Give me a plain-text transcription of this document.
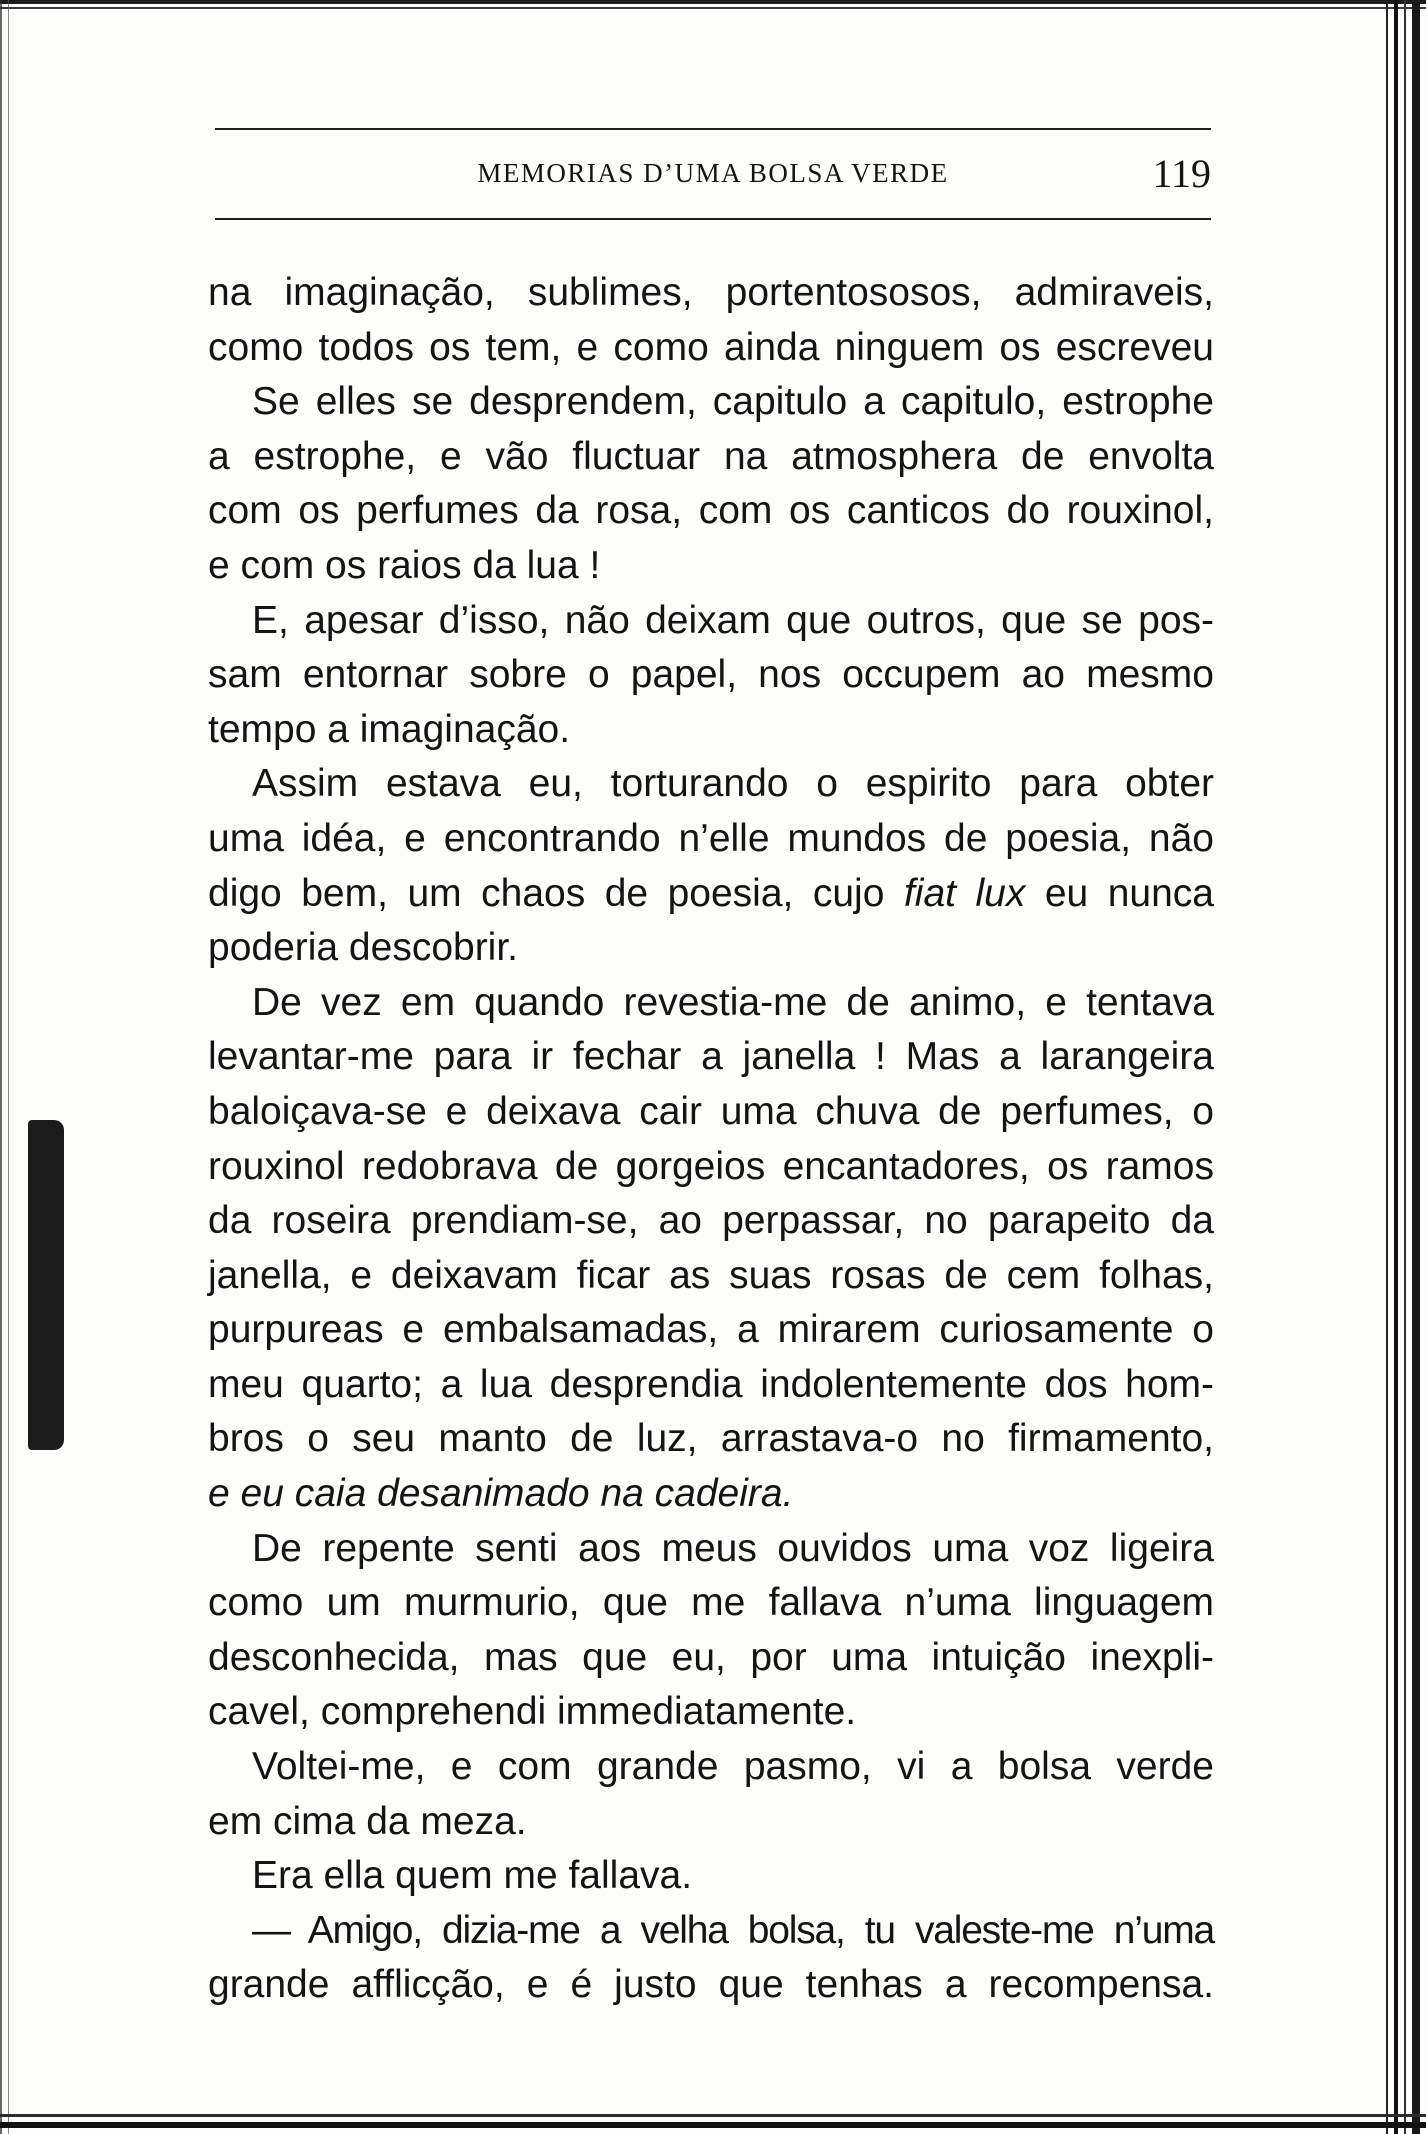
MEMORIAS D’UMA BOLSA VERDE	119

na imaginação, sublimes, portentososos, admiraveis,
como todos os tem, e como ainda ninguem os escreveu

Se elles se desprendem, capitulo a capitulo, estrophe
a estrophe, e vão fluctuar na atmosphera de envolta
com os perfumes da rosa, com os canticos do rouxinol,
e com os raios da lua !

E, apesar d’isso, não deixam que outros, que se pos-
sam entornar sobre o papel, nos occupem ao mesmo
tempo a imaginação.

Assim estava eu, torturando o espirito para obter
uma idéa, e encontrando n’elle mundos de poesia, não
digo bem, um chaos de poesia, cujo fiat lux eu nunca
poderia descobrir.

De vez em quando revestia-me de animo, e tentava
levantar-me para ir fechar a janella ! Mas a larangeira
baloiçava-se e deixava cair uma chuva de perfumes, o
rouxinol redobrava de gorgeios encantadores, os ramos
da roseira prendiam-se, ao perpassar, no parapeito da
janella, e deixavam ficar as suas rosas de cem folhas,
purpureas e embalsamadas, a mirarem curiosamente o
meu quarto; a lua desprendia indolentemente dos hom-
bros o seu manto de luz, arrastava-o no firmamento,
e eu caia desanimado na cadeira.

De repente senti aos meus ouvidos uma voz ligeira
como um murmurio, que me fallava n’uma linguagem
desconhecida, mas que eu, por uma intuição inexpli-
cavel, comprehendi immediatamente.

Voltei-me, e com grande pasmo, vi a bolsa verde
em cima da meza.

Era ella quem me fallava.

— Amigo, dizia-me a velha bolsa, tu valeste-me n’uma
grande afflicção, e é justo que tenhas a recompensa.
